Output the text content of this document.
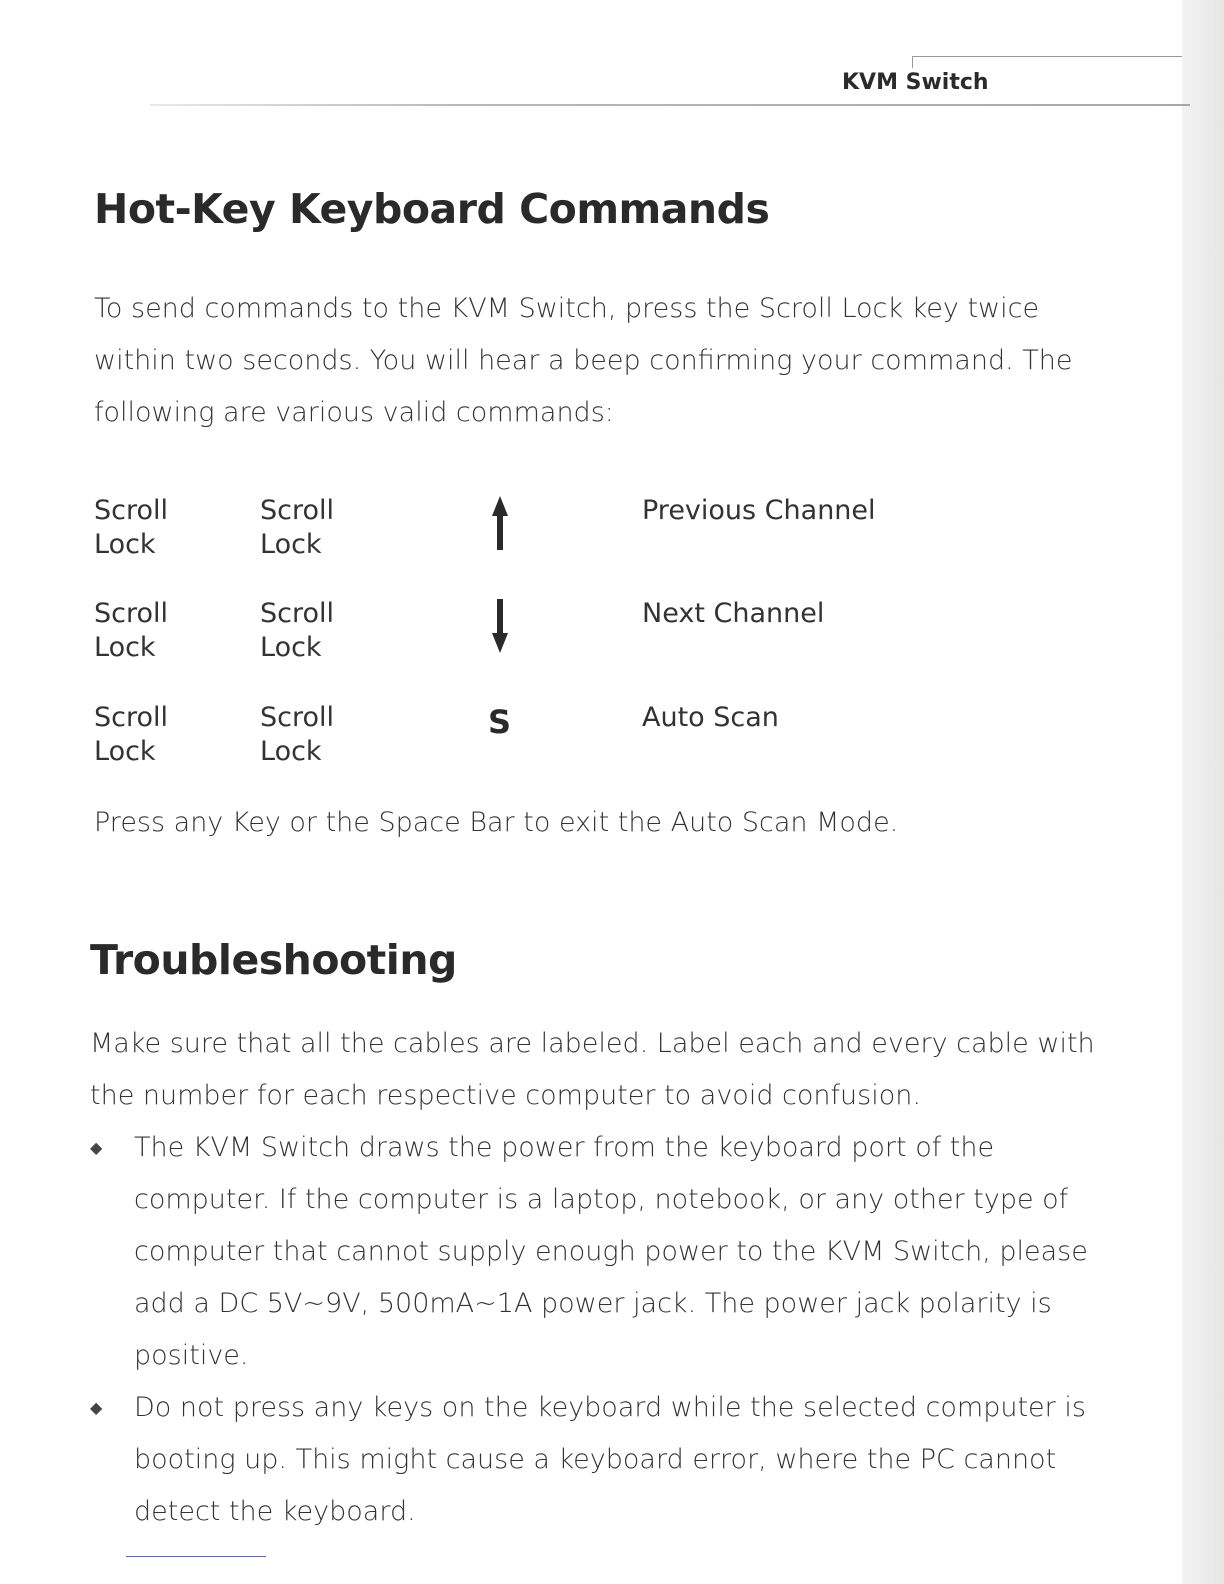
KVM Switch
Hot-Key Keyboard Commands

To send commands to the KVM Switch, press the Scroll Lock key twice within two seconds. You will hear a beep confirming your command. The following are various valid commands:

Scroll Lock
Scroll Lock
Previous Channel
Scroll Lock
Scroll Lock
Next Channel
Scroll Lock
Scroll Lock
S	Auto Scan

Press any Key or the Space Bar to exit the Auto Scan Mode.

Troubleshooting

Make sure that all the cables are labeled. Label each and every cable with the number for each respective computer to avoid confusion.

◆ The KVM Switch draws the power from the keyboard port of the computer. If the computer is a laptop, notebook, or any other type of computer that cannot supply enough power to the KVM Switch, please add a DC 5V~9V, 500mA~1A power jack. The power jack polarity is positive.
◆ Do not press any keys on the keyboard while the selected computer is booting up. This might cause a keyboard error, where the PC cannot detect the keyboard.
